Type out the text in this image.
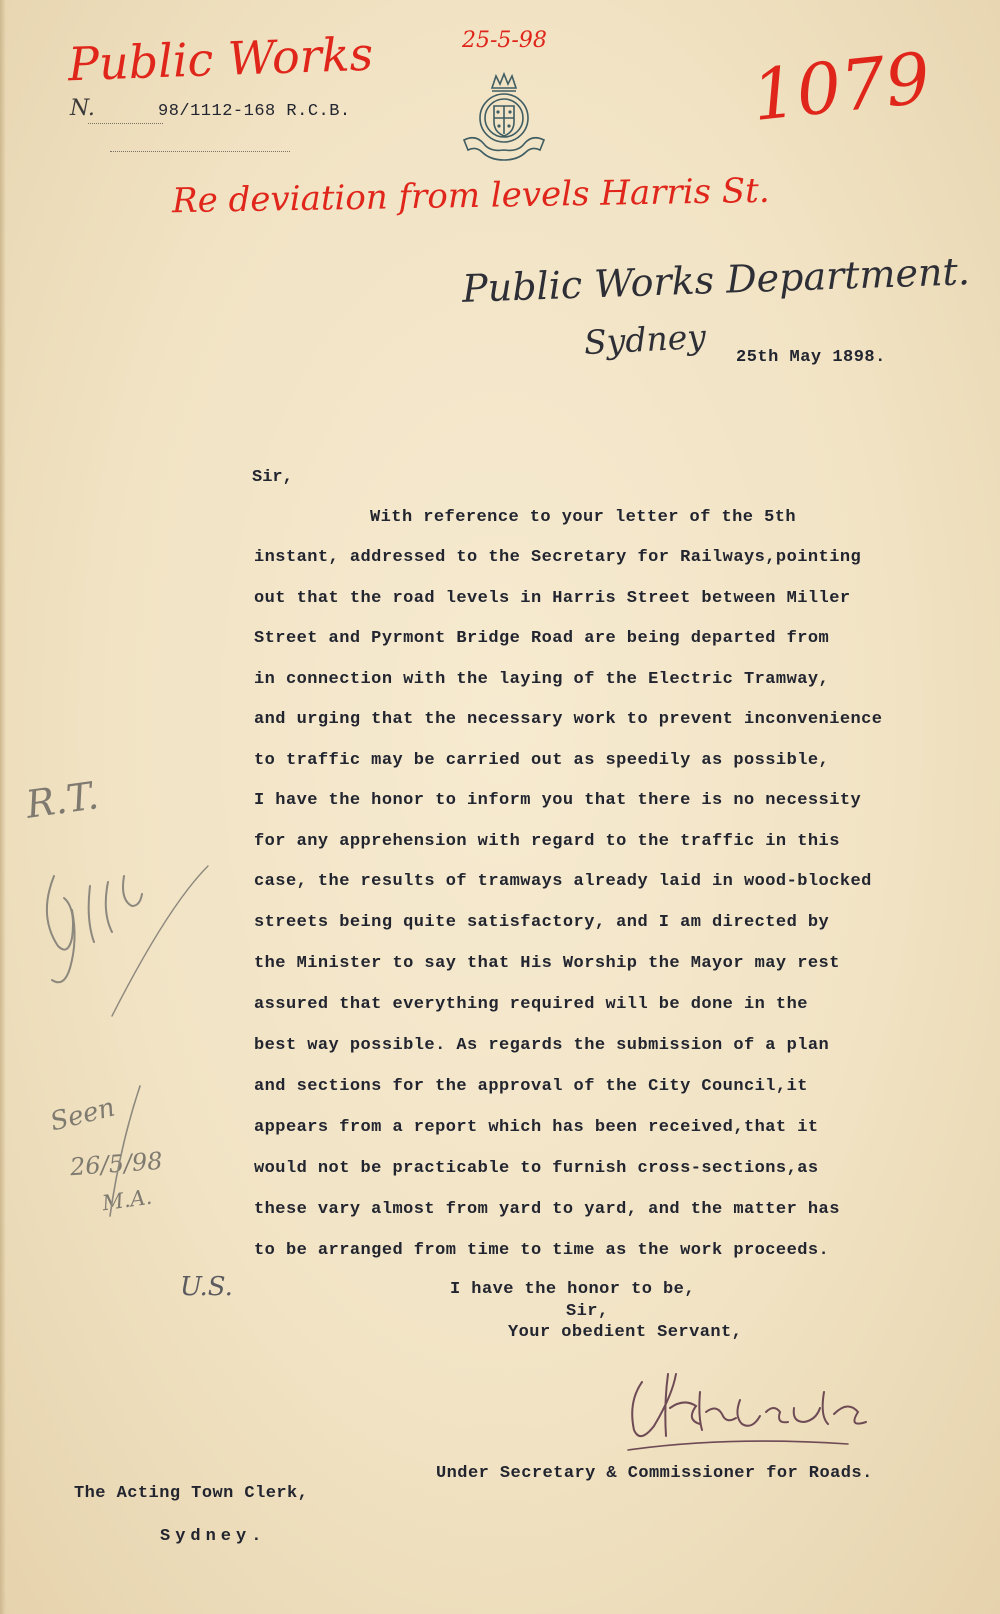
Public Works	25-5-98	1079
Re deviation from levels Harris St.
N.	98/1112-168 R.C.B.
Public Works Department.
Sydney 25th May 1898.
Sir,
With reference to your letter of the 5th
instant, addressed to the Secretary for Railways,pointing
out that the road levels in Harris Street between Miller
Street and Pyrmont Bridge Road are being departed from
in connection with the laying of the Electric Tramway,
and urging that the necessary work to prevent inconvenience
to traffic may be carried out as speedily as possible,
I have the honor to inform you that there is no necessity
for any apprehension with regard to the traffic in this
case, the results of tramways already laid in wood-blocked
streets being quite satisfactory, and I am directed by
the Minister to say that His Worship the Mayor may rest
assured that everything required will be done in the
best way possible. As regards the submission of a plan
and sections for the approval of the City Council,it
appears from a report which has been received,that it
would not be practicable to furnish cross-sections,as
these vary almost from yard to yard, and the matter has
to be arranged from time to time as the work proceeds.
I have the honor to be,
Sir,
Your obedient Servant,
Under Secretary & Commissioner for Roads.
The Acting Town Clerk,
Sydney.
R.T.
Seen
26/5/98
M.A.
U.S.
